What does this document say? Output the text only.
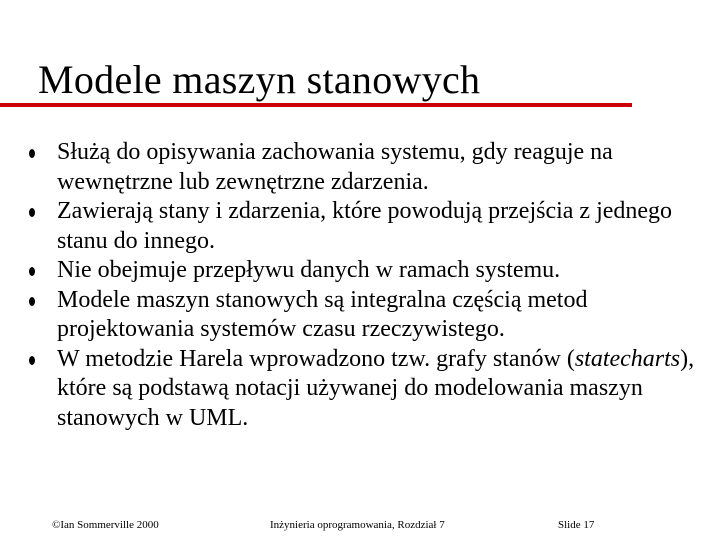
Modele maszyn stanowych
Służą do opisywania zachowania systemu, gdy reaguje na wewnętrzne lub zewnętrzne zdarzenia.
Zawierają stany i zdarzenia, które powodują przejścia z jednego stanu do innego.
Nie obejmuje przepływu danych w ramach systemu.
Modele maszyn stanowych są integralna częścią metod projektowania systemów czasu rzeczywistego.
W metodzie Harela wprowadzono tzw. grafy stanów (statecharts), które są podstawą notacji używanej do modelowania maszyn stanowych w UML.
©Ian Sommerville 2000	Inżynieria oprogramowania, Rozdział 7	Slide 17
